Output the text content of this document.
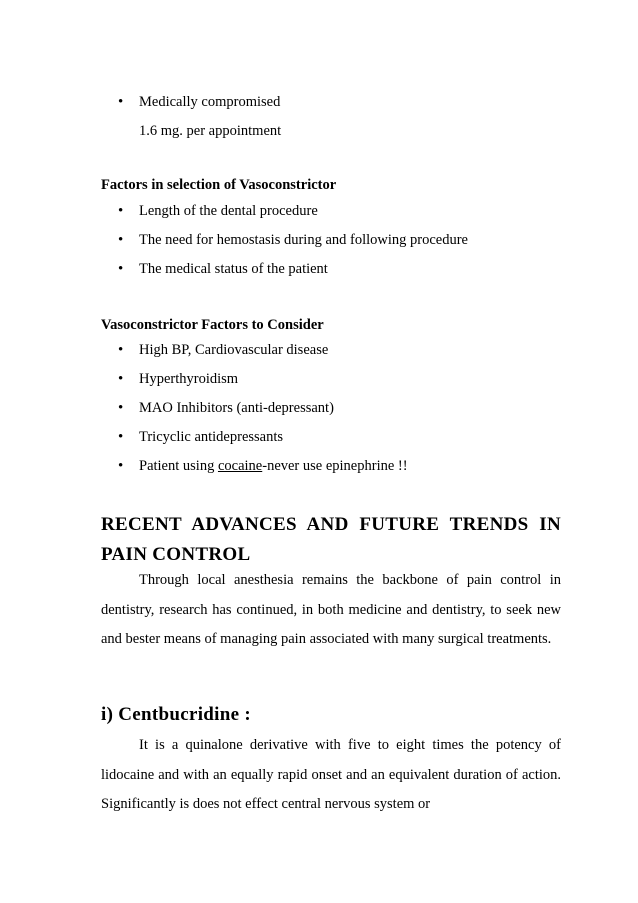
• Medically compromised
1.6 mg. per appointment
Factors in selection of Vasoconstrictor
• Length of the dental procedure
• The need for hemostasis during and following procedure
• The medical status of the patient
Vasoconstrictor Factors to Consider
• High BP, Cardiovascular disease
• Hyperthyroidism
• MAO Inhibitors (anti-depressant)
• Tricyclic antidepressants
• Patient using cocaine-never use epinephrine !!
RECENT ADVANCES AND FUTURE TRENDS IN PAIN CONTROL
Through local anesthesia remains the backbone of pain control in dentistry, research has continued, in both medicine and dentistry, to seek new and bester means of managing pain associated with many surgical treatments.
i) Centbucridine :
It is a quinalone derivative with five to eight times the potency of lidocaine and with an equally rapid onset and an equivalent duration of action. Significantly is does not effect central nervous system or
